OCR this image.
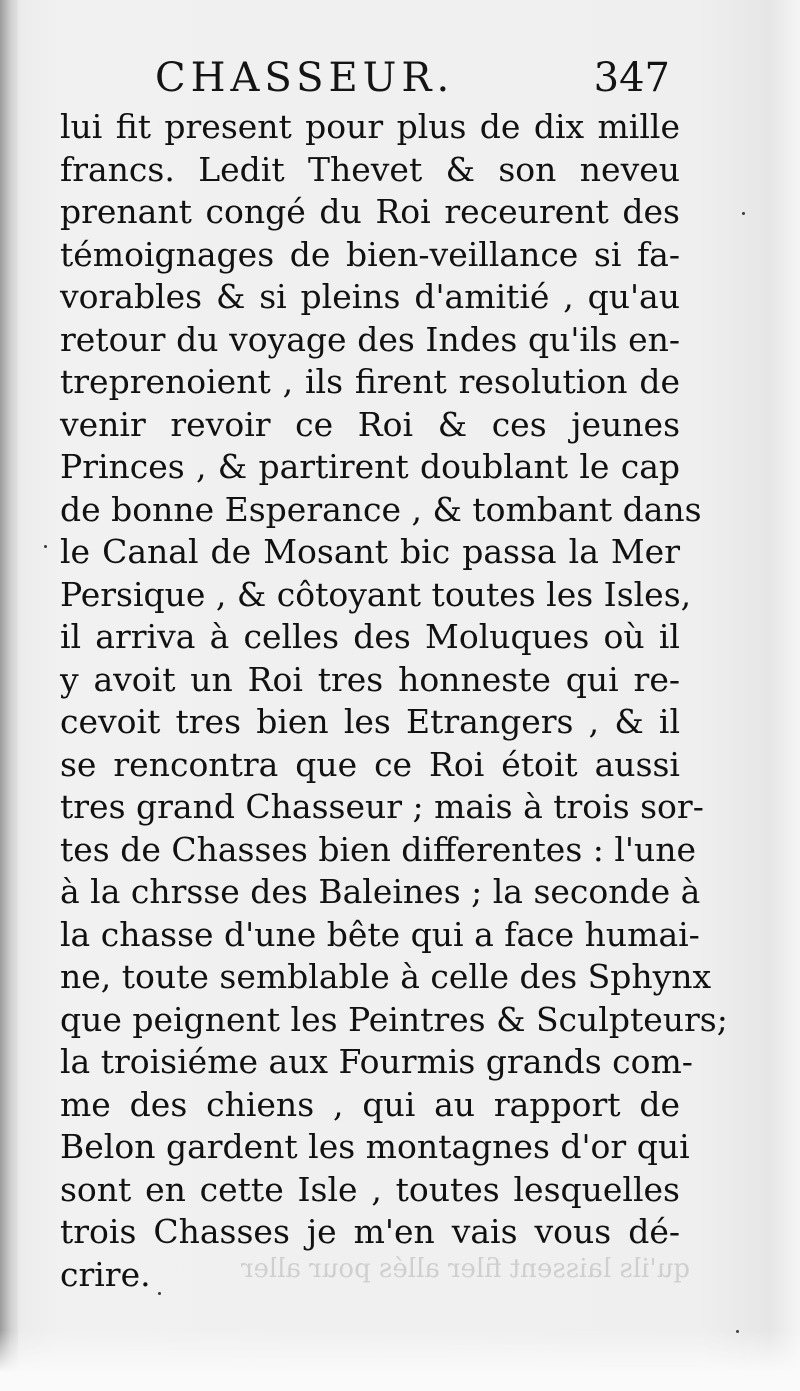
CHASSEUR.	347
lui fit present pour plus de dix mille
francs. Ledit Thevet & son neveu
prenant congé du Roi receurent des
témoignages de bien-veillance si fa-
vorables & si pleins d'amitié , qu'au
retour du voyage des Indes qu'ils en-
treprenoient , ils firent resolution de
venir revoir ce Roi & ces jeunes
Princes , & partirent doublant le cap
de bonne Esperance , & tombant dans
le Canal de Mosant bic passa la Mer
Persique , & côtoyant toutes les Isles,
il arriva à celles des Moluques où il
y avoit un Roi tres honneste qui re-
cevoit tres bien les Etrangers , & il
se rencontra que ce Roi étoit aussi
tres grand Chasseur ; mais à trois sor-
tes de Chasses bien differentes : l'une
à la chrsse des Baleines ; la seconde à
la chasse d'une bête qui a face humai-
ne, toute semblable à celle des Sphynx
que peignent les Peintres & Sculpteurs;
la troisiéme aux Fourmis grands com-
me des chiens , qui au rapport de
Belon gardent les montagnes d'or qui
sont en cette Isle , toutes lesquelles
trois Chasses je m'en vais vous dé-
crire.	qu'ils laissent filer allés pour aller
